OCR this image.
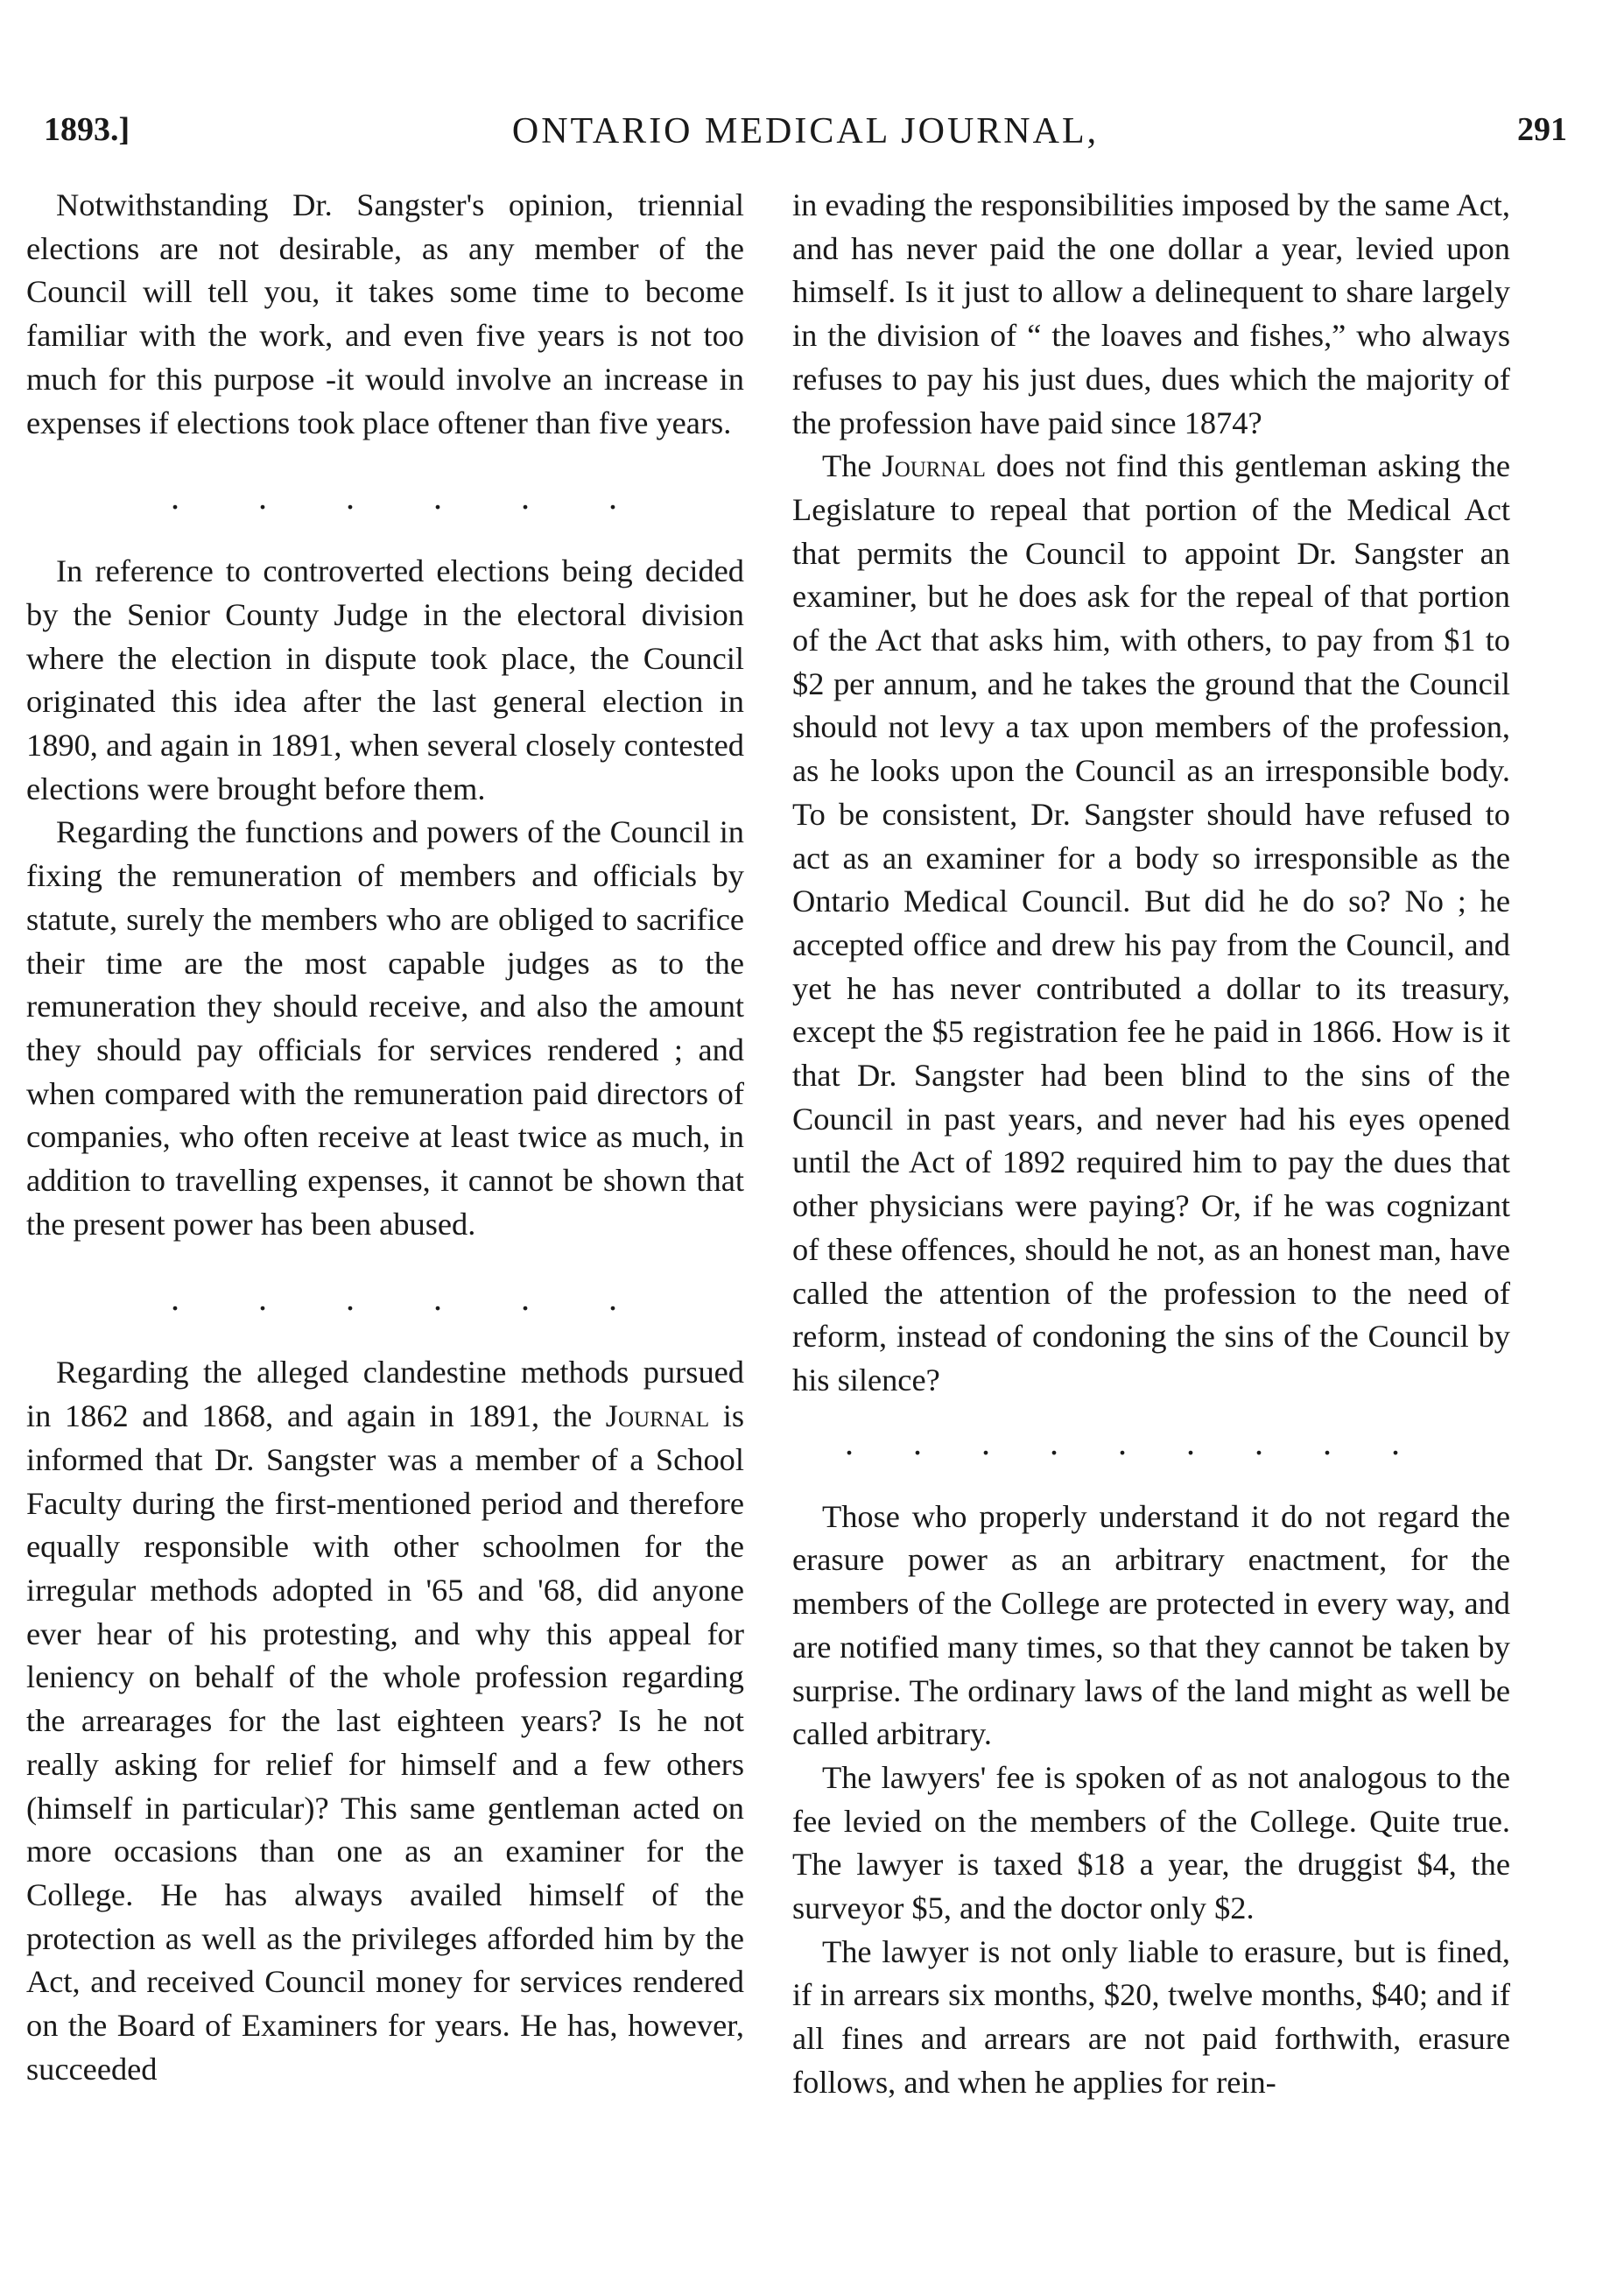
ONTARIO MEDICAL JOURNAL,
1893.]	291

Notwithstanding Dr. Sangster's opinion, triennial elections are not desirable, as any member of the Council will tell you, it takes some time to become familiar with the work, and even five years is not too much for this purpose -it would involve an increase in expenses if elections took place oftener than five years.

. . . . . .

In reference to controverted elections being decided by the Senior County Judge in the electoral division where the election in dispute took place, the Council originated this idea after the last general election in 1890, and again in 1891, when several closely contested elections were brought before them.

Regarding the functions and powers of the Council in fixing the remuneration of members and officials by statute, surely the members who are obliged to sacrifice their time are the most capable judges as to the remuneration they should receive, and also the amount they should pay officials for services rendered ; and when compared with the remuneration paid directors of companies, who often receive at least twice as much, in addition to travelling expenses, it cannot be shown that the present power has been abused.

. . . . . .

Regarding the alleged clandestine methods pursued in 1862 and 1868, and again in 1891, the Journal is informed that Dr. Sangster was a member of a School Faculty during the first-mentioned period and therefore equally responsible with other schoolmen for the irregular methods adopted in '65 and '68, did anyone ever hear of his protesting, and why this appeal for leniency on behalf of the whole profession regarding the arrearages for the last eighteen years? Is he not really asking for relief for himself and a few others (himself in particular)? This same gentleman acted on more occasions than one as an examiner for the College. He has always availed himself of the protection as well as the privileges afforded him by the Act, and received Council money for services rendered on the Board of Examiners for years. He has, however, succeeded

in evading the responsibilities imposed by the same Act, and has never paid the one dollar a year, levied upon himself. Is it just to allow a delinequent to share largely in the division of “ the loaves and fishes,” who always refuses to pay his just dues, dues which the majority of the profession have paid since 1874?

The Journal does not find this gentleman asking the Legislature to repeal that portion of the Medical Act that permits the Council to appoint Dr. Sangster an examiner, but he does ask for the repeal of that portion of the Act that asks him, with others, to pay from $1 to $2 per annum, and he takes the ground that the Council should not levy a tax upon members of the profession, as he looks upon the Council as an irresponsible body. To be consistent, Dr. Sangster should have refused to act as an examiner for a body so irresponsible as the Ontario Medical Council. But did he do so? No ; he accepted office and drew his pay from the Council, and yet he has never contributed a dollar to its treasury, except the $5 registration fee he paid in 1866. How is it that Dr. Sangster had been blind to the sins of the Council in past years, and never had his eyes opened until the Act of 1892 required him to pay the dues that other physicians were paying? Or, if he was cognizant of these offences, should he not, as an honest man, have called the attention of the profession to the need of reform, instead of condoning the sins of the Council by his silence?

. . . . . . . . .

Those who properly understand it do not regard the erasure power as an arbitrary enactment, for the members of the College are protected in every way, and are notified many times, so that they cannot be taken by surprise. The ordinary laws of the land might as well be called arbitrary.

The lawyers' fee is spoken of as not analogous to the fee levied on the members of the College. Quite true. The lawyer is taxed $18 a year, the druggist $4, the surveyor $5, and the doctor only $2.

The lawyer is not only liable to erasure, but is fined, if in arrears six months, $20, twelve months, $40; and if all fines and arrears are not paid forthwith, erasure follows, and when he applies for rein-
